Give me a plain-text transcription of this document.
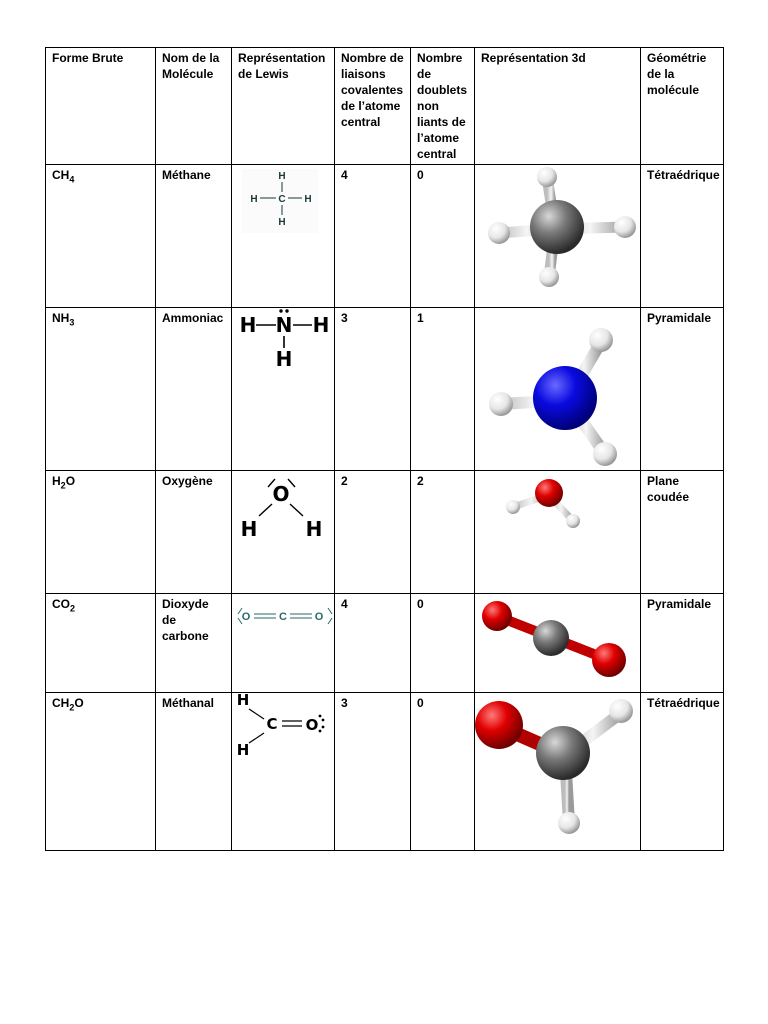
Forme Brute	Nom de la Molécule	Représentation de Lewis	Nombre de liaisons covalentes de l’atome central	Nombre de doublets non liants de l’atome central	Représentation 3d	Géométrie de la molécule
$CH_4$	Méthane	H
H C H
H	4	0		Tétraédrique
$NH_3$	Ammoniac	H N H
H	3	1		Pyramidale
$H_2O$	Oxygène	O
H H	2	2		Plane coudée
$CO_2$	Dioxyde de carbone	O C O	4	0		Pyramidale
$CH_2O$	Méthanal	H
C O
H	3	0		Tétraédrique
